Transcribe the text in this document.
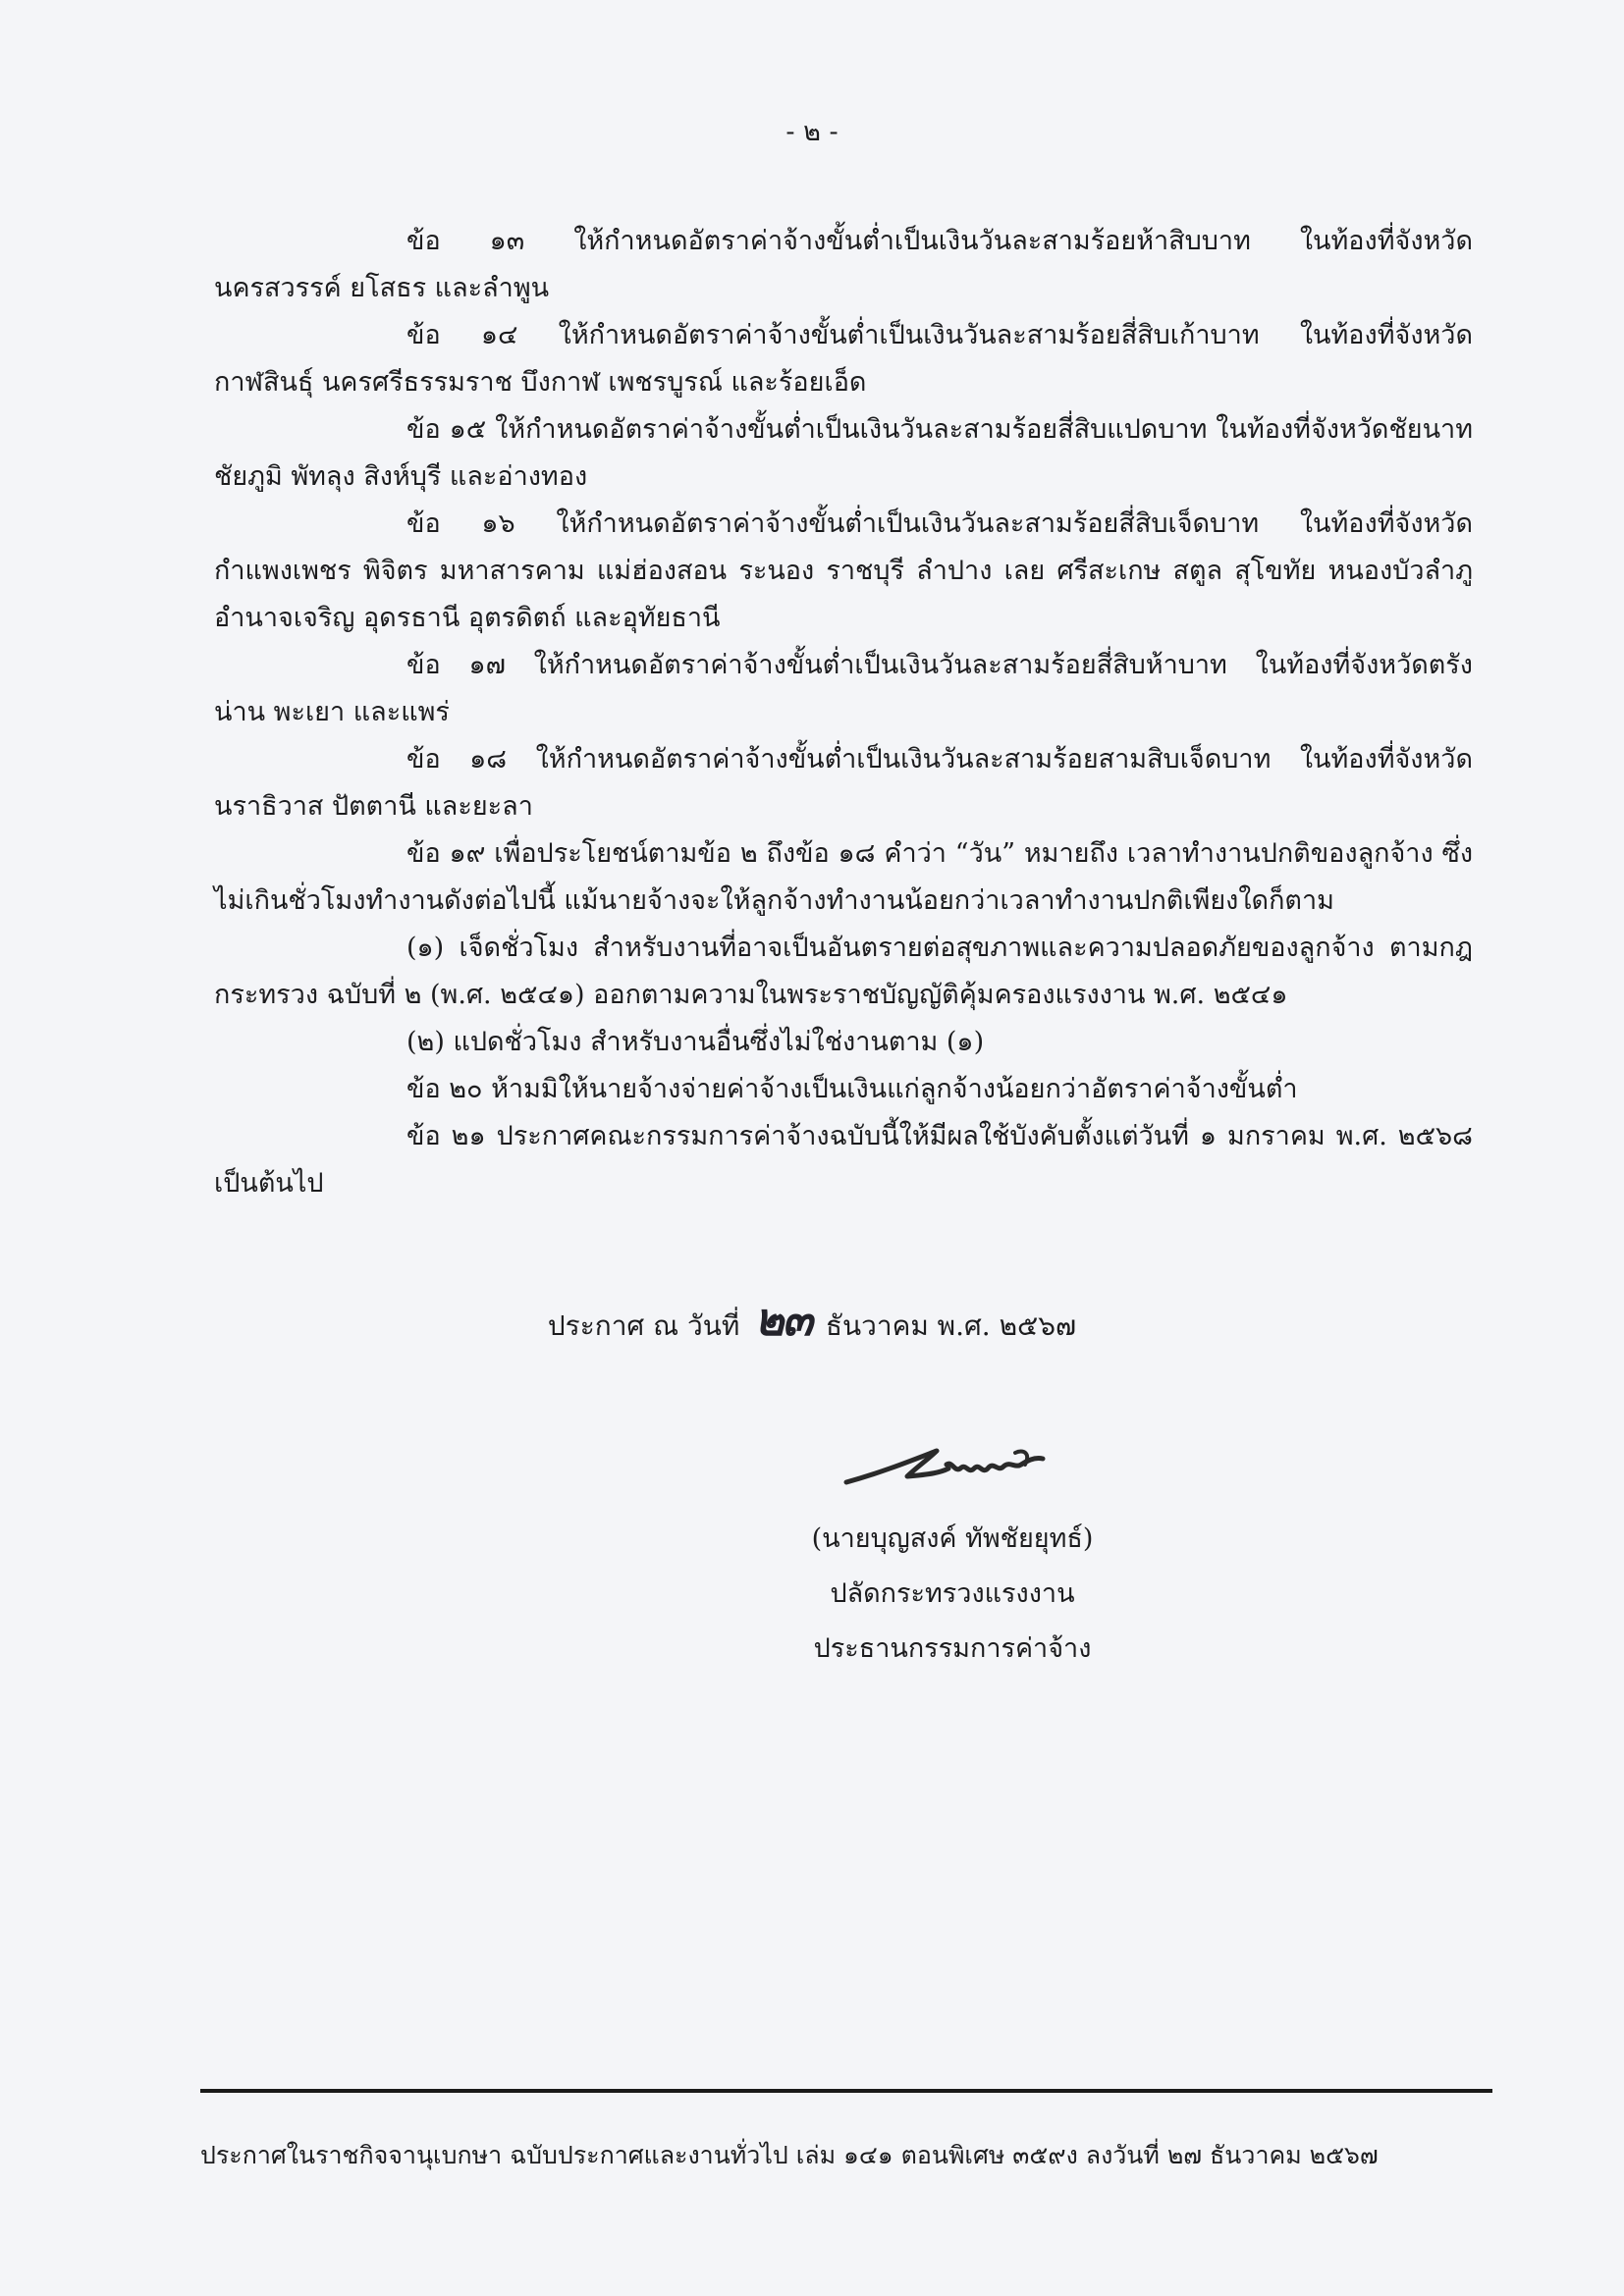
- ๒ -

ข้อ ๑๓ ให้กำหนดอัตราค่าจ้างขั้นต่ำเป็นเงินวันละสามร้อยห้าสิบบาท ในท้องที่จังหวัดนครสวรรค์ ยโสธร และลำพูน

ข้อ ๑๔ ให้กำหนดอัตราค่าจ้างขั้นต่ำเป็นเงินวันละสามร้อยสี่สิบเก้าบาท ในท้องที่จังหวัดกาฬสินธุ์ นครศรีธรรมราช บึงกาฬ เพชรบูรณ์ และร้อยเอ็ด

ข้อ ๑๕ ให้กำหนดอัตราค่าจ้างขั้นต่ำเป็นเงินวันละสามร้อยสี่สิบแปดบาท ในท้องที่จังหวัดชัยนาท ชัยภูมิ พัทลุง สิงห์บุรี และอ่างทอง

ข้อ ๑๖ ให้กำหนดอัตราค่าจ้างขั้นต่ำเป็นเงินวันละสามร้อยสี่สิบเจ็ดบาท ในท้องที่จังหวัด กำแพงเพชร พิจิตร มหาสารคาม แม่ฮ่องสอน ระนอง ราชบุรี ลำปาง เลย ศรีสะเกษ สตูล สุโขทัย หนองบัวลำภู อำนาจเจริญ อุดรธานี อุตรดิตถ์ และอุทัยธานี

ข้อ ๑๗ ให้กำหนดอัตราค่าจ้างขั้นต่ำเป็นเงินวันละสามร้อยสี่สิบห้าบาท ในท้องที่จังหวัดตรัง น่าน พะเยา และแพร่

ข้อ ๑๘ ให้กำหนดอัตราค่าจ้างขั้นต่ำเป็นเงินวันละสามร้อยสามสิบเจ็ดบาท ในท้องที่จังหวัด นราธิวาส ปัตตานี และยะลา

ข้อ ๑๙ เพื่อประโยชน์ตามข้อ ๒ ถึงข้อ ๑๘ คำว่า “วัน” หมายถึง เวลาทำงานปกติของลูกจ้าง ซึ่งไม่เกินชั่วโมงทำงานดังต่อไปนี้ แม้นายจ้างจะให้ลูกจ้างทำงานน้อยกว่าเวลาทำงานปกติเพียงใดก็ตาม

(๑) เจ็ดชั่วโมง สำหรับงานที่อาจเป็นอันตรายต่อสุขภาพและความปลอดภัยของลูกจ้าง ตามกฎกระทรวง ฉบับที่ ๒ (พ.ศ. ๒๕๔๑) ออกตามความในพระราชบัญญัติคุ้มครองแรงงาน พ.ศ. ๒๕๔๑

(๒) แปดชั่วโมง สำหรับงานอื่นซึ่งไม่ใช่งานตาม (๑)

ข้อ ๒๐ ห้ามมิให้นายจ้างจ่ายค่าจ้างเป็นเงินแก่ลูกจ้างน้อยกว่าอัตราค่าจ้างขั้นต่ำ

ข้อ ๒๑ ประกาศคณะกรรมการค่าจ้างฉบับนี้ให้มีผลใช้บังคับตั้งแต่วันที่ ๑ มกราคม พ.ศ. ๒๕๖๘ เป็นต้นไป

ประกาศ ณ วันที่ ๒๓ ธันวาคม พ.ศ. ๒๕๖๗
(นายบุญสงค์ ทัพชัยยุทธ์)
ปลัดกระทรวงแรงงาน
ประธานกรรมการค่าจ้าง
ประกาศในราชกิจจานุเบกษา ฉบับประกาศและงานทั่วไป เล่ม ๑๔๑ ตอนพิเศษ ๓๕๙ง ลงวันที่ ๒๗ ธันวาคม ๒๕๖๗
